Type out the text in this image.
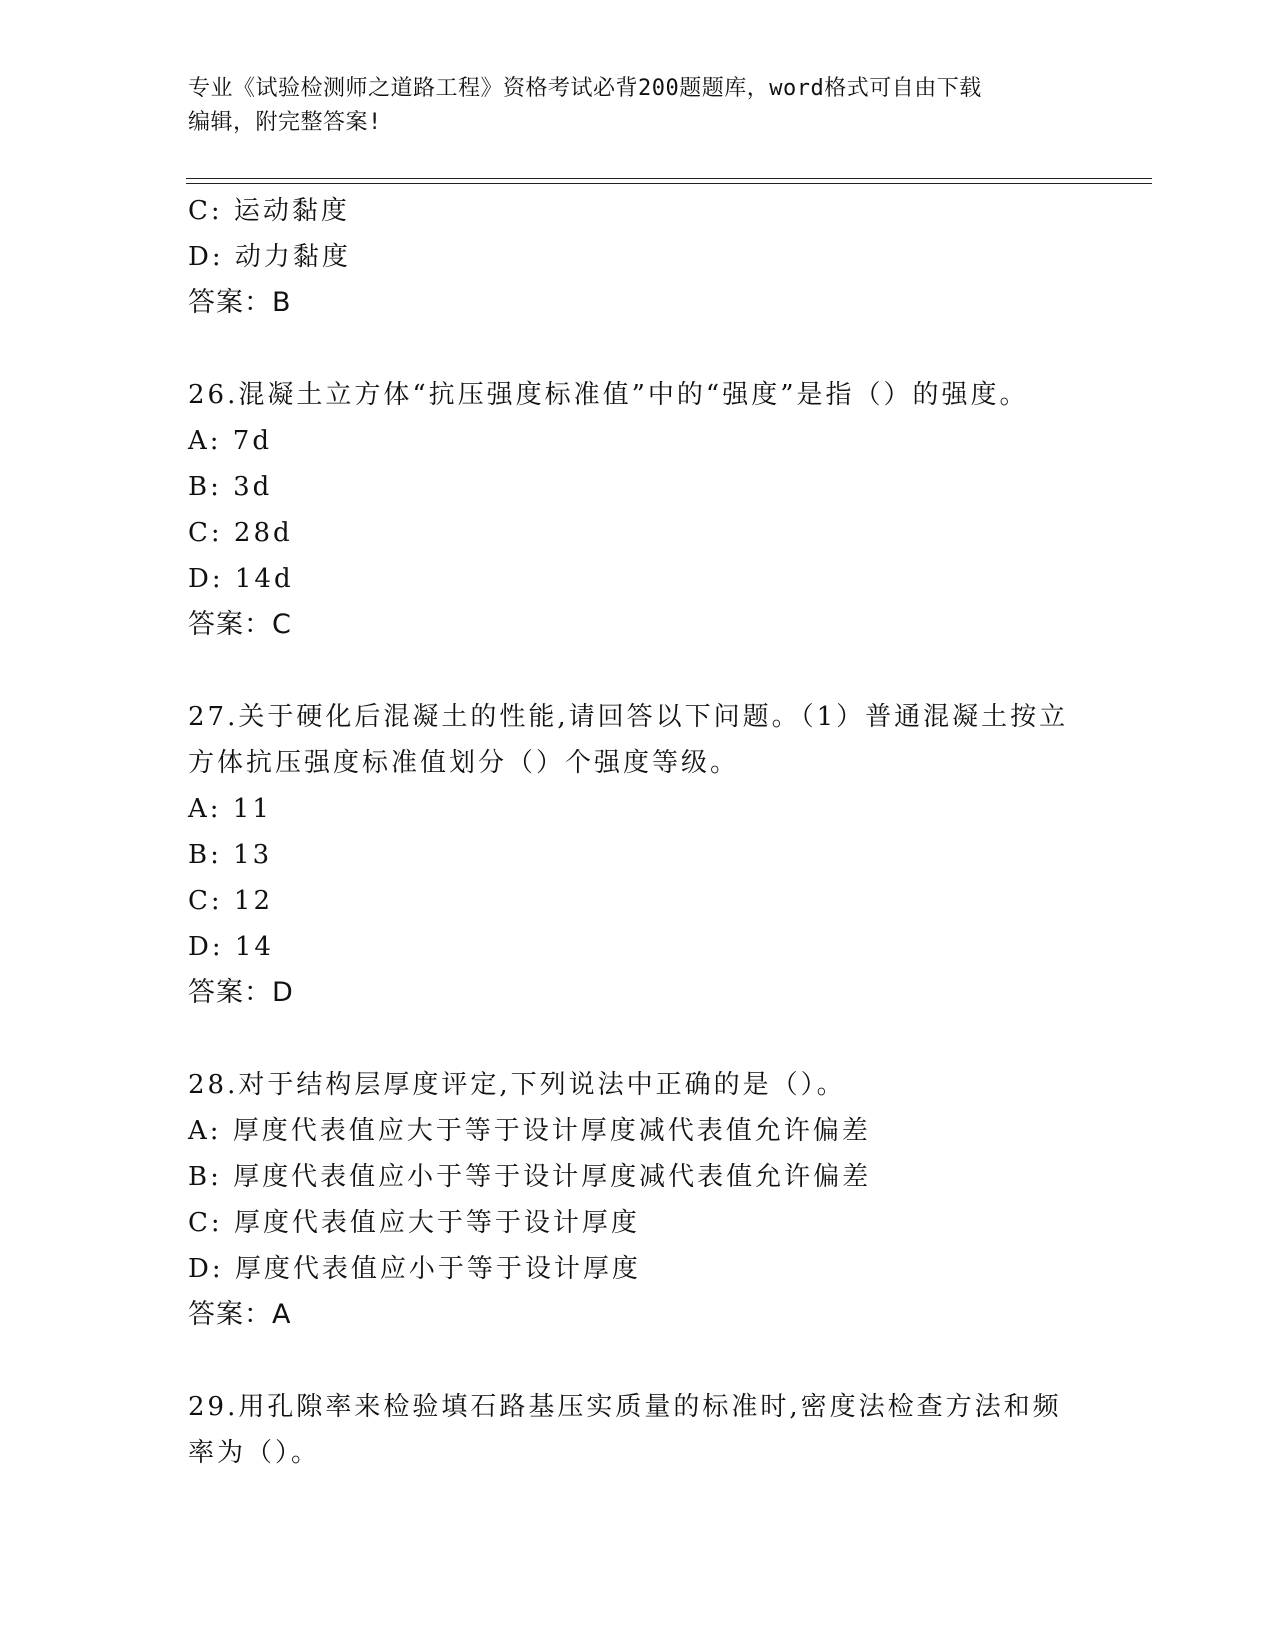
专业《试验检测师之道路工程》资格考试必背200题题库，word格式可自由下载
编辑，附完整答案!
C: 运动黏度
D: 动力黏度
答案：B
26.混凝土立方体“抗压强度标准值”中的“强度”是指（）的强度。
A: 7d
B: 3d
C: 28d
D: 14d
答案：C
27.关于硬化后混凝土的性能,请回答以下问题。（1）普通混凝土按立
方体抗压强度标准值划分（）个强度等级。
A: 11
B: 13
C: 12
D: 14
答案：D
28.对于结构层厚度评定,下列说法中正确的是（）。
A: 厚度代表值应大于等于设计厚度减代表值允许偏差
B: 厚度代表值应小于等于设计厚度减代表值允许偏差
C: 厚度代表值应大于等于设计厚度
D: 厚度代表值应小于等于设计厚度
答案：A
29.用孔隙率来检验填石路基压实质量的标准时,密度法检查方法和频
率为（）。
